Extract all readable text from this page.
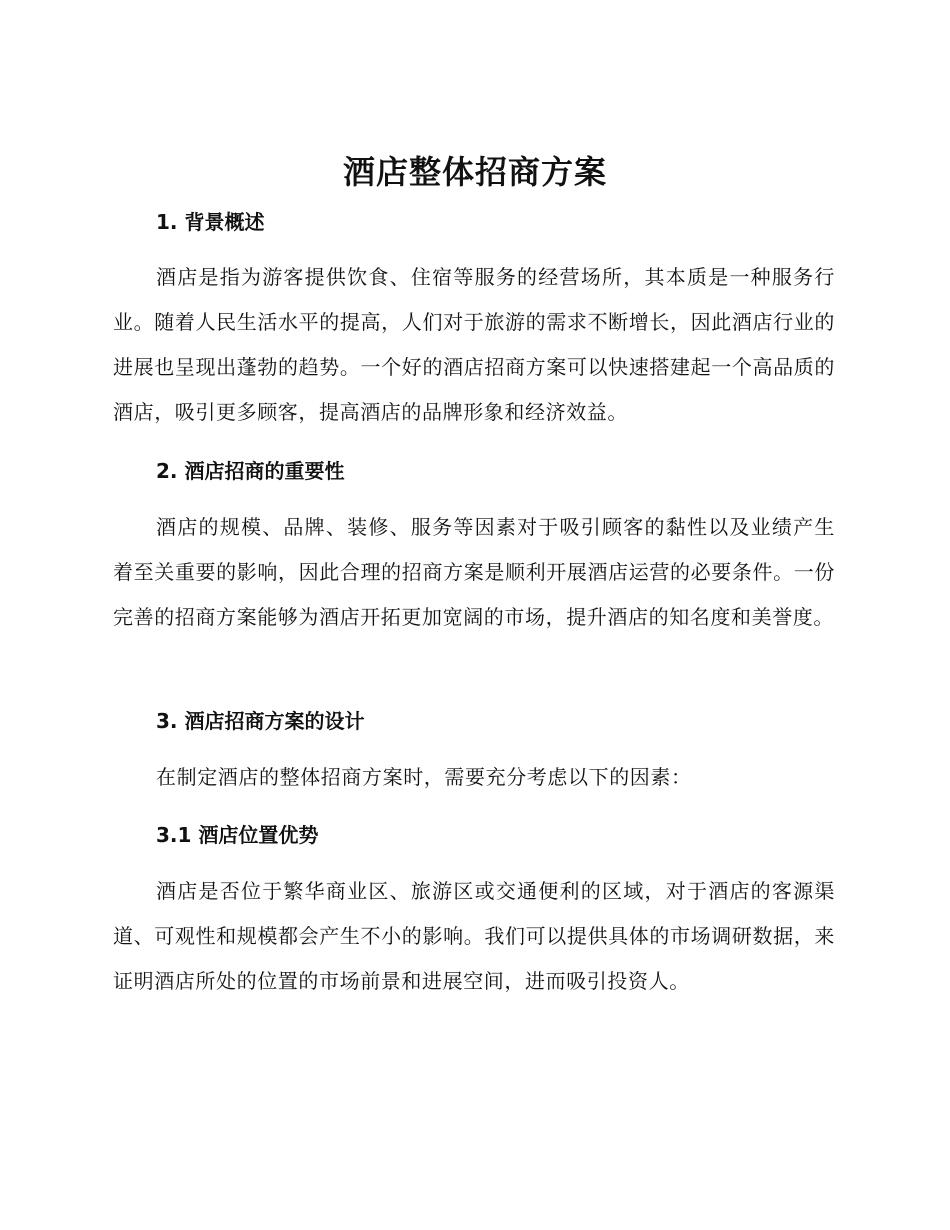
酒店整体招商方案
1. 背景概述

酒店是指为游客提供饮食、住宿等服务的经营场所，其本质是一种服务行业。随着人民生活水平的提高，人们对于旅游的需求不断增长，因此酒店行业的进展也呈现出蓬勃的趋势。一个好的酒店招商方案可以快速搭建起一个高品质的酒店，吸引更多顾客，提高酒店的品牌形象和经济效益。

2. 酒店招商的重要性

酒店的规模、品牌、装修、服务等因素对于吸引顾客的黏性以及业绩产生着至关重要的影响，因此合理的招商方案是顺利开展酒店运营的必要条件。一份完善的招商方案能够为酒店开拓更加宽阔的市场，提升酒店的知名度和美誉度。

3. 酒店招商方案的设计

在制定酒店的整体招商方案时，需要充分考虑以下的因素：

3.1 酒店位置优势

酒店是否位于繁华商业区、旅游区或交通便利的区域，对于酒店的客源渠道、可观性和规模都会产生不小的影响。我们可以提供具体的市场调研数据，来证明酒店所处的位置的市场前景和进展空间，进而吸引投资人。
